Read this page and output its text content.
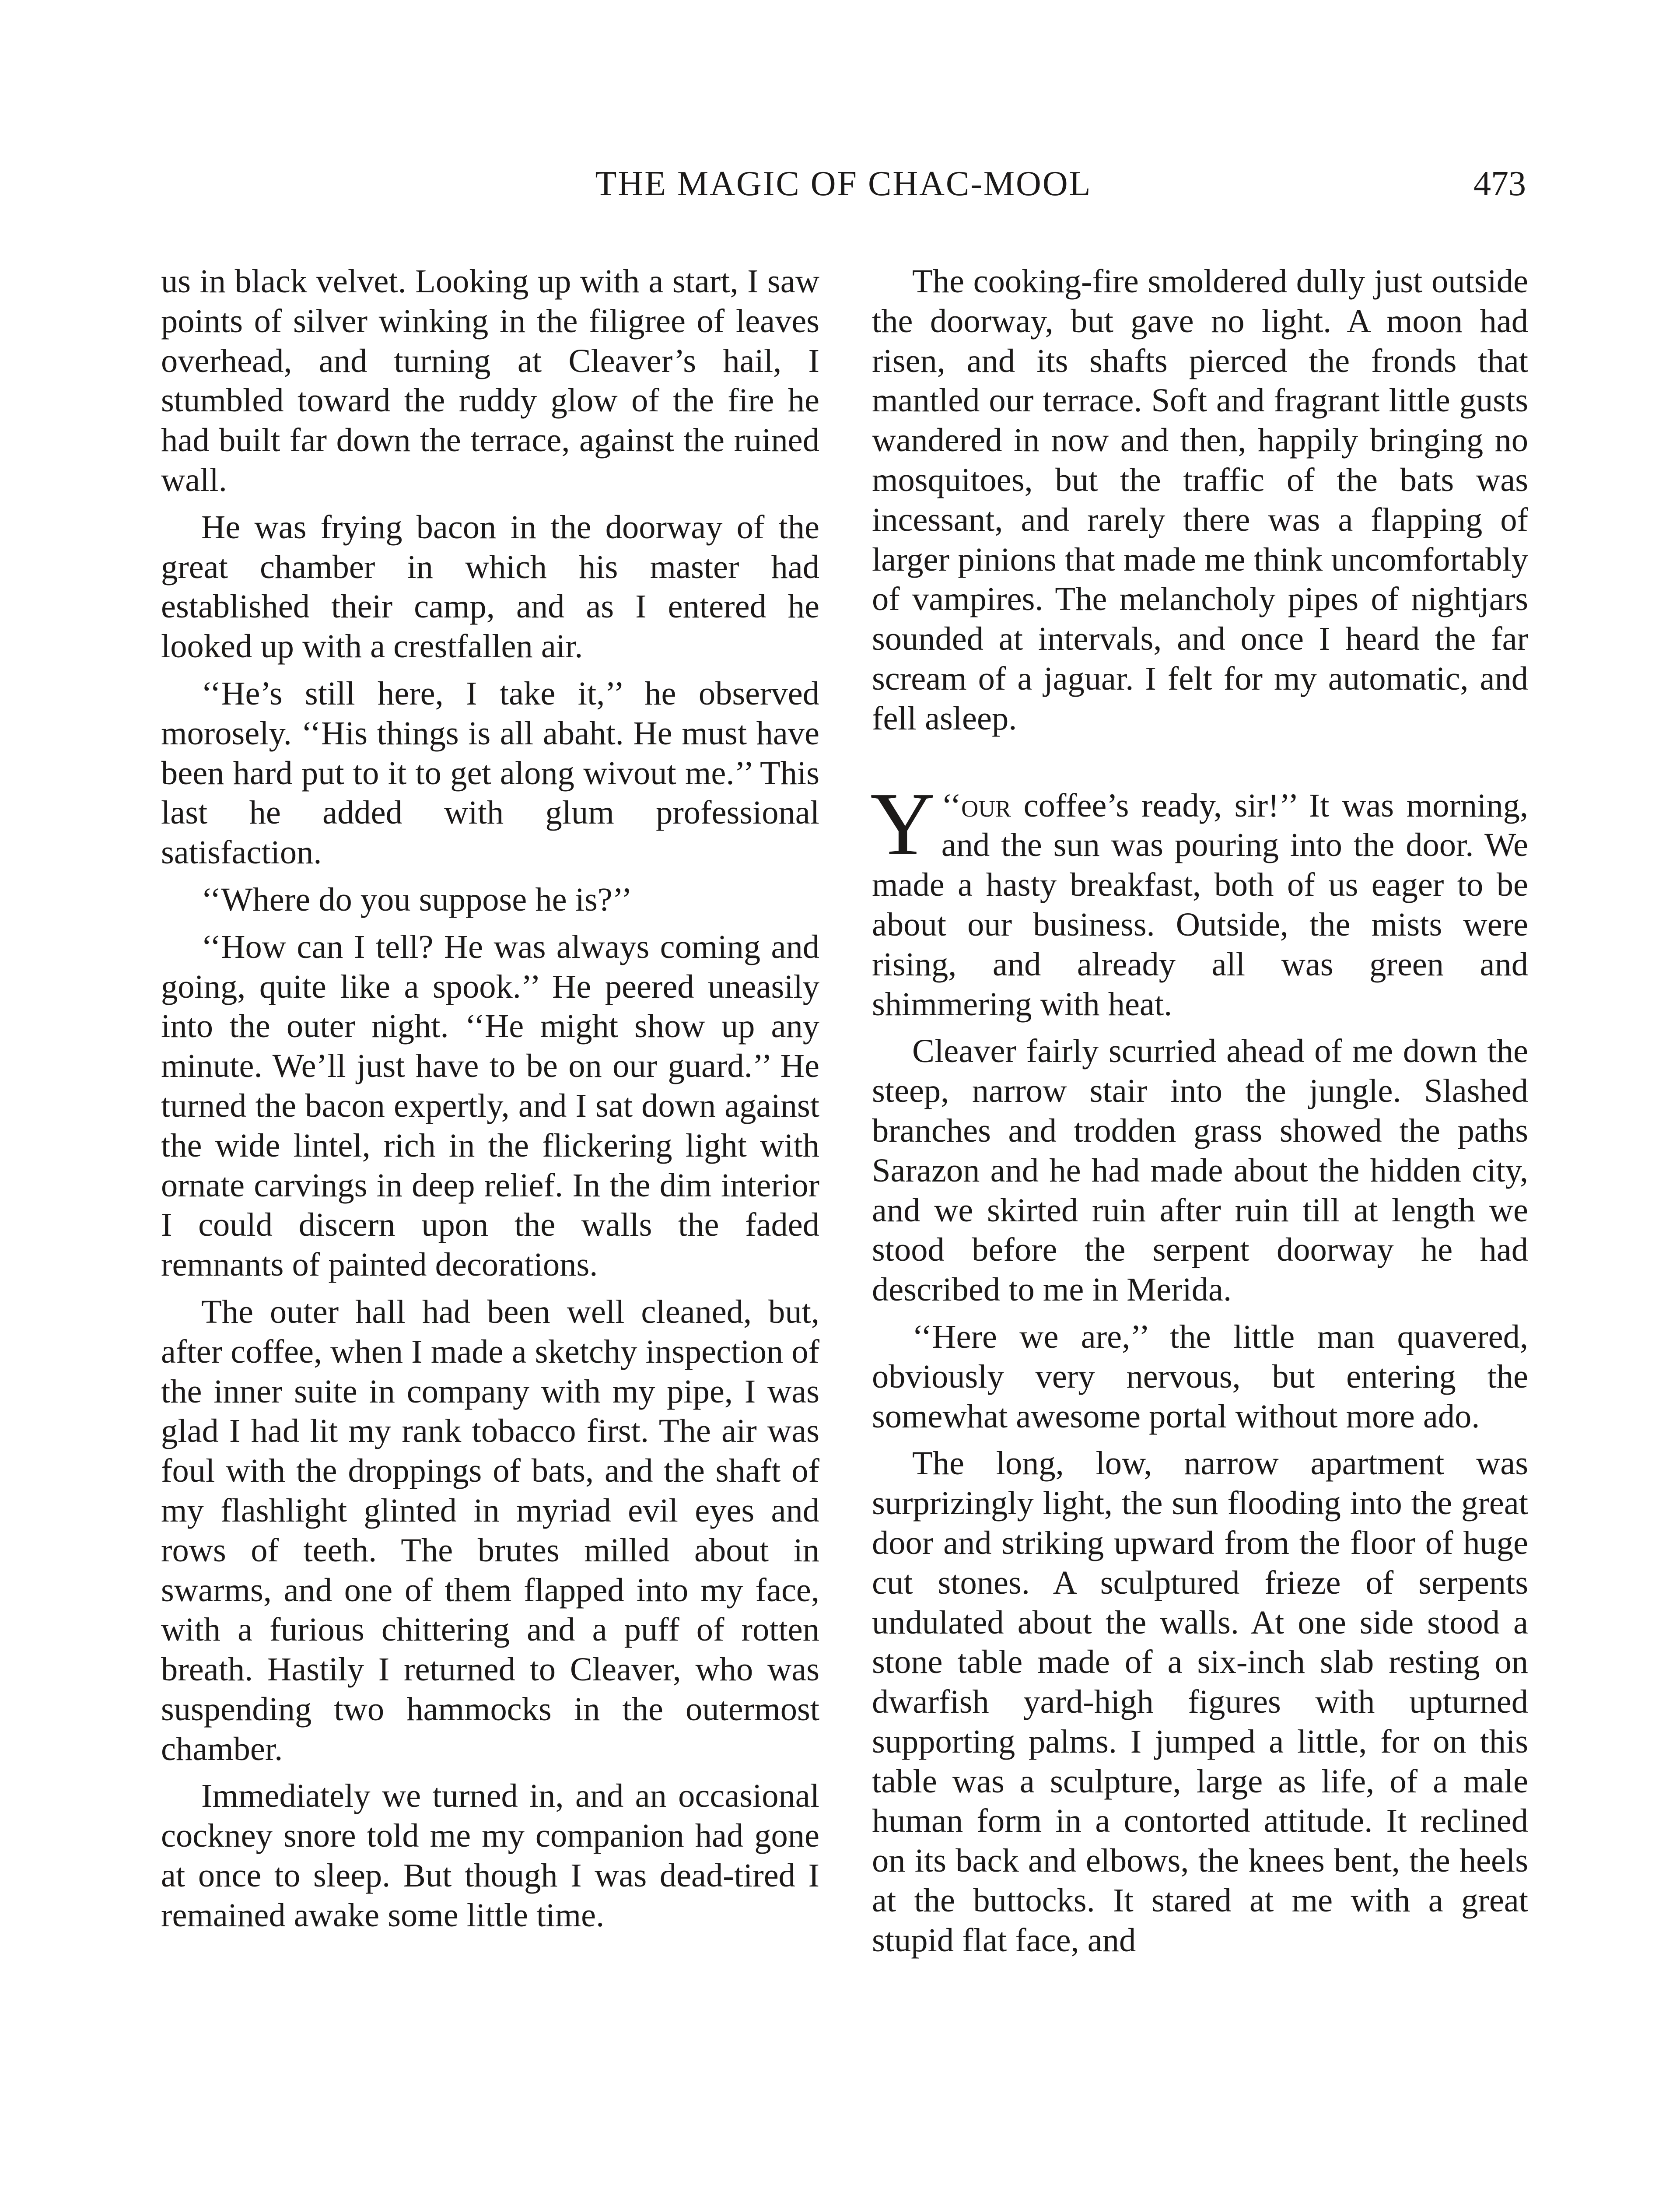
THE MAGIC OF CHAC-MOOL	473

us in black velvet. Looking up with a start, I saw points of silver winking in the filigree of leaves overhead, and turning at Cleaver’s hail, I stumbled toward the ruddy glow of the fire he had built far down the terrace, against the ruined wall.

He was frying bacon in the doorway of the great chamber in which his master had established their camp, and as I entered he looked up with a crestfallen air.

‘‘He’s still here, I take it,’’ he observed morosely. ‘‘His things is all abaht. He must have been hard put to it to get along wivout me.’’ This last he added with glum professional satisfaction.

‘‘Where do you suppose he is?’’

‘‘How can I tell? He was always coming and going, quite like a spook.’’ He peered uneasily into the outer night. ‘‘He might show up any minute. We’ll just have to be on our guard.’’ He turned the bacon expertly, and I sat down against the wide lintel, rich in the flickering light with ornate carvings in deep relief. In the dim interior I could discern upon the walls the faded remnants of painted decorations.

The outer hall had been well cleaned, but, after coffee, when I made a sketchy inspection of the inner suite in company with my pipe, I was glad I had lit my rank tobacco first. The air was foul with the droppings of bats, and the shaft of my flashlight glinted in myriad evil eyes and rows of teeth. The brutes milled about in swarms, and one of them flapped into my face, with a furious chittering and a puff of rotten breath. Hastily I returned to Cleaver, who was suspending two hammocks in the outermost chamber.

Immediately we turned in, and an occasional cockney snore told me my companion had gone at once to sleep. But though I was dead-tired I remained awake some little time.

The cooking-fire smoldered dully just outside the doorway, but gave no light. A moon had risen, and its shafts pierced the fronds that mantled our terrace. Soft and fragrant little gusts wandered in now and then, happily bringing no mosquitoes, but the traffic of the bats was incessant, and rarely there was a flapping of larger pinions that made me think uncomfortably of vampires. The melancholy pipes of nightjars sounded at intervals, and once I heard the far scream of a jaguar. I felt for my automatic, and fell asleep.

‘‘
Y our coffee’s ready, sir!’’ It was morning, and the sun was pouring into the door. We made a hasty breakfast, both of us eager to be about our business. Outside, the mists were rising, and already all was green and shimmering with heat.

Cleaver fairly scurried ahead of me down the steep, narrow stair into the jungle. Slashed branches and trodden grass showed the paths Sarazon and he had made about the hidden city, and we skirted ruin after ruin till at length we stood before the serpent doorway he had described to me in Merida.

‘‘Here we are,’’ the little man quavered, obviously very nervous, but entering the somewhat awesome portal without more ado.

The long, low, narrow apartment was surprizingly light, the sun flooding into the great door and striking upward from the floor of huge cut stones. A sculptured frieze of serpents undulated about the walls. At one side stood a stone table made of a six-inch slab resting on dwarfish yard-high figures with upturned supporting palms. I jumped a little, for on this table was a sculpture, large as life, of a male human form in a contorted attitude. It reclined on its back and elbows, the knees bent, the heels at the buttocks. It stared at me with a great stupid flat face, and
